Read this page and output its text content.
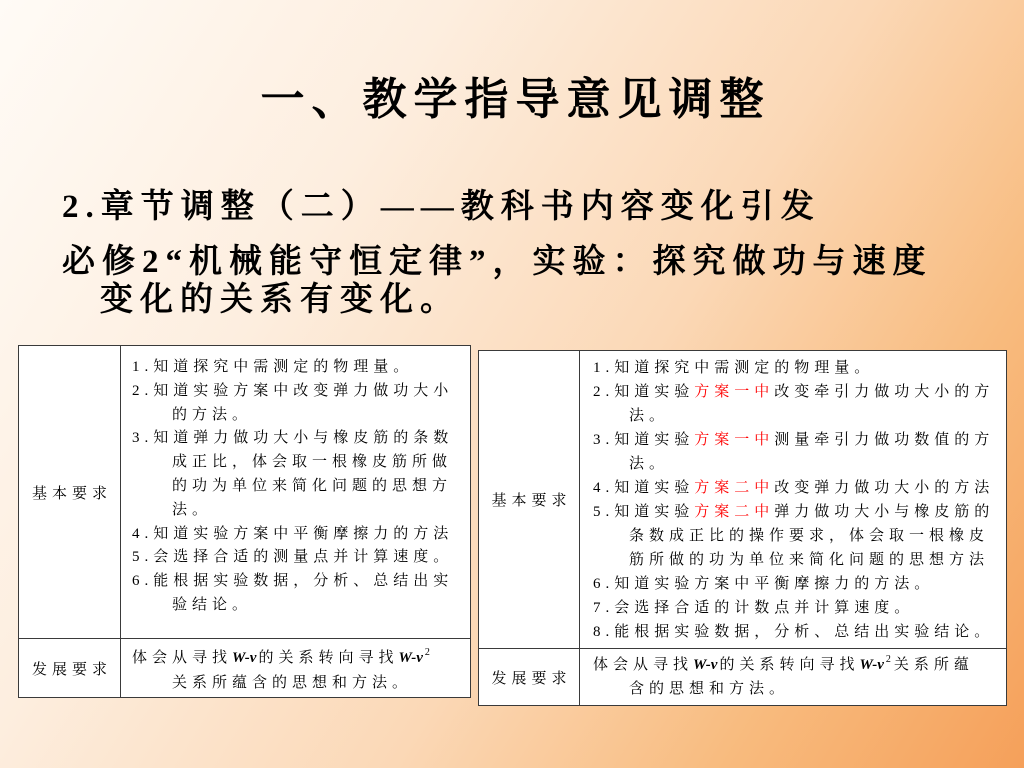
一、教学指导意见调整
2.章节调整（二）——教科书内容变化引发
必修2“机械能守恒定律”，实验：探究做功与速度
变化的关系有变化。
基本要求
1.知道探究中需测定的物理量。
2.知道实验方案中改变弹力做功大小
的方法。
3.知道弹力做功大小与橡皮筋的条数
成正比，体会取一根橡皮筋所做
的功为单位来简化问题的思想方
法。
4.知道实验方案中平衡摩擦力的方法
5.会选择合适的测量点并计算速度。
6.能根据实验数据，分析、总结出实
验结论。
发展要求
体会从寻找W-v 的关系转向寻找W-v $^2$
关系所蕴含的思想和方法。
基本要求
1.知道探究中需测定的物理量。
2.知道实验方案一中改变牵引力做功大小的方
法。
3.知道实验方案一中测量牵引力做功数值的方
法。
4.知道实验方案二中改变弹力做功大小的方法
5.知道实验方案二中弹力做功大小与橡皮筋的
条数成正比的操作要求，体会取一根橡皮
筋所做的功为单位来简化问题的思想方法
6.知道实验方案中平衡摩擦力的方法。
7.会选择合适的计数点并计算速度。
8.能根据实验数据，分析、总结出实验结论。
发展要求
体会从寻找W-v 的关系转向寻找W-v $^2$ 关系所蕴
含的思想和方法。
